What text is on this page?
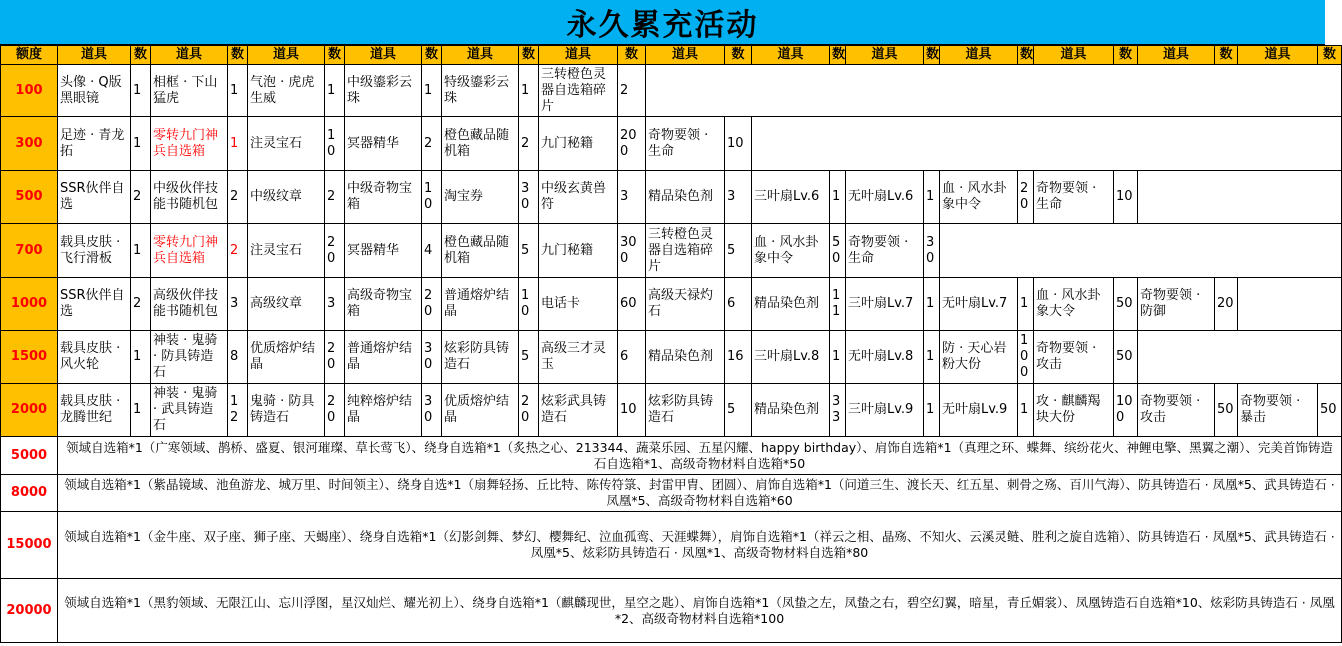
永久累充活动
额度	道具	数	道具	数	道具	数	道具	数	道具	数	道具	数	道具	数	道具	数	道具	数	道具	数	道具	数	道具	数	道具	数
100	头像 · Q版黑眼镜	1	相框 · 下山猛虎	1	气泡 · 虎虎生威	1	中级鎏彩云珠	1	特级鎏彩云珠	1	三转橙色灵器自选箱碎片	2														
300	足迹 · 青龙拓	1	零转九门神兵自选箱	1	注灵宝石	10	冥器精华	2	橙色藏品随机箱	2	九门秘籍	200	奇物要领 · 生命	10												
500	SSR伙伴自选	2	中级伙伴技能书随机包	2	中级纹章	2	中级奇物宝箱	10	淘宝券	30	中级玄黄兽符	3	精品染色剂	3	三叶扇Lv.6	1	无叶扇Lv.6	1	血 · 风水卦象中令	20	奇物要领 · 生命	10				
700	载具皮肤 · 飞行滑板	1	零转九门神兵自选箱	2	注灵宝石	20	冥器精华	4	橙色藏品随机箱	5	九门秘籍	300	三转橙色灵器自选箱碎片	5	血 · 风水卦象中令	50	奇物要领 · 生命	30								
1000	SSR伙伴自选	2	高级伙伴技能书随机包	3	高级纹章	3	高级奇物宝箱	20	普通熔炉结晶	10	电话卡	60	高级天禄灼石	6	精品染色剂	11	三叶扇Lv.7	1	无叶扇Lv.7	1	血 · 风水卦象大令	50	奇物要领 · 防御	20		
1500	载具皮肤 · 风火轮	1	神装 · 鬼骑 · 防具铸造石	8	优质熔炉结晶	20	普通熔炉结晶	30	炫彩防具铸造石	5	高级三才灵玉	6	精品染色剂	16	三叶扇Lv.8	1	无叶扇Lv.8	1	防 · 天心岩粉大份	100	奇物要领 · 攻击	50				
2000	载具皮肤 · 龙腾世纪	1	神装 · 鬼骑 · 武具铸造石	12	鬼骑 · 防具铸造石	20	纯粹熔炉结晶	30	优质熔炉结晶	20	炫彩武具铸造石	10	炫彩防具铸造石	5	精品染色剂	33	三叶扇Lv.9	1	无叶扇Lv.9	1	攻 · 麒麟羯块大份	100	奇物要领 · 攻击	50	奇物要领 · 暴击	50
5000	领域自选箱*1（广寒领域、鹊桥、盛夏、银河璀璨、草长莺飞）、绕身自选箱*1（炙热之心、213344、蔬菜乐园、五星闪耀、happy birthday）、肩饰自选箱*1（真理之环、蝶舞、缤纷花火、神鲤电擎、黑翼之潮）、完美首饰铸造石自选箱*1、高级奇物材料自选箱*50																									
8000	领域自选箱*1（紫晶镜域、池鱼游龙、城万里、时间领主）、绕身自选*1（扇舞轻扬、丘比特、陈传符箓、封雷甲胄、团圆）、肩饰自选箱*1（问道三生、渡长天、红五星、刺骨之殇、百川气海）、防具铸造石 · 凤凰*5、武具铸造石 · 凤凰*5、高级奇物材料自选箱*60																									
15000	领域自选箱*1（金牛座、双子座、狮子座、天蝎座）、绕身自选箱*1（幻影剑舞、梦幻、樱舞纪、泣血孤鸾、天涯蝶舞），肩饰自选箱*1（祥云之相、晶殇、不知火、云溪灵鲢、胜利之旋自选箱）、防具铸造石 · 凤凰*5、武具铸造石 · 凤凰*5、炫彩防具铸造石 · 凤凰*1、高级奇物材料自选箱*80																									
20000	领域自选箱*1（黑豹领域、无限江山、忘川浮图，星汉灿烂、耀光初上）、绕身自选箱*1（麒麟现世，星空之匙）、肩饰自选箱*1（凤蛰之左，凤蛰之右，碧空幻翼，暗星，青丘媚裳）、凤凰铸造石自选箱*10、炫彩防具铸造石 · 凤凰*2、高级奇物材料自选箱*100																									
